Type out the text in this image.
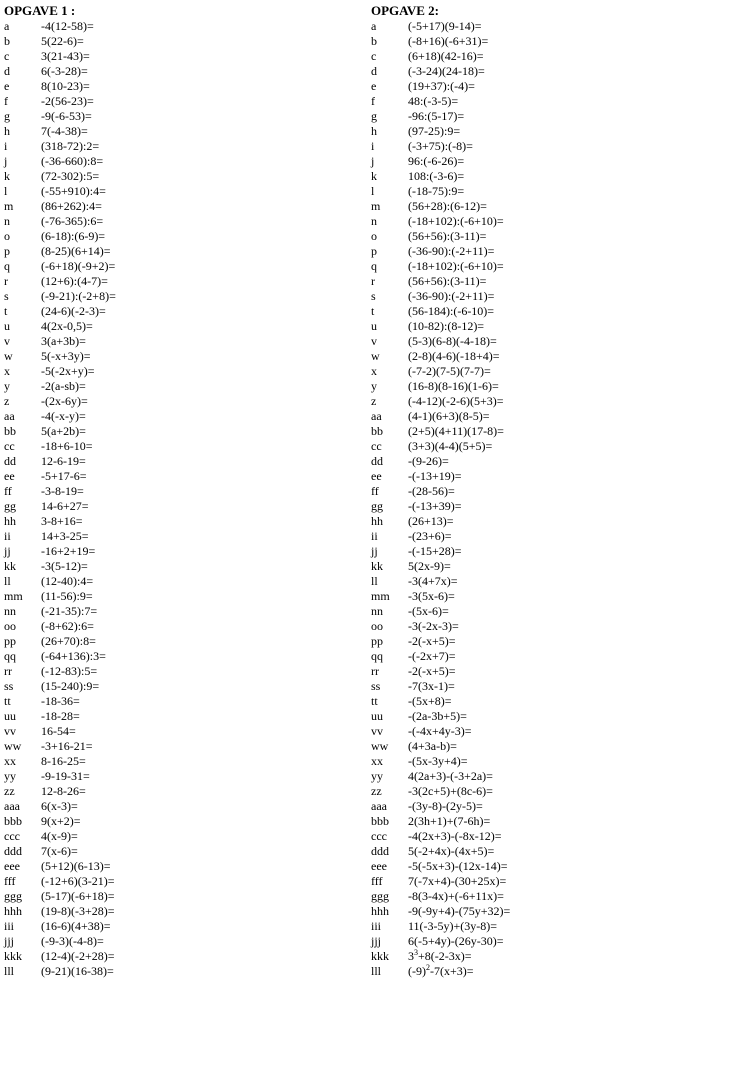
OPGAVE 1 :
a	-4(12-58)=
b	5(22-6)=
c	3(21-43)=
d	6(-3-28)=
e	8(10-23)=
f	-2(56-23)=
g	-9(-6-53)=
h	7(-4-38)=
i	(318-72):2=
j	(-36-660):8=
k	(72-302):5=
l	(-55+910):4=
m	(86+262):4=
n	(-76-365):6=
o	(6-18):(6-9)=
p	(8-25)(6+14)=
q	(-6+18)(-9+2)=
r	(12+6):(4-7)=
s	(-9-21):(-2+8)=
t	(24-6)(-2-3)=
u	4(2x-0,5)=
v	3(a+3b)=
w	5(-x+3y)=
x	-5(-2x+y)=
y	-2(a-sb)=
z	-(2x-6y)=
aa	-4(-x-y)=
bb	5(a+2b)=
cc	-18+6-10=
dd	12-6-19=
ee	-5+17-6=
ff	-3-8-19=
gg	14-6+27=
hh	3-8+16=
ii	14+3-25=
jj	-16+2+19=
kk	-3(5-12)=
ll	(12-40):4=
mm	(11-56):9=
nn	(-21-35):7=
oo	(-8+62):6=
pp	(26+70):8=
qq	(-64+136):3=
rr	(-12-83):5=
ss	(15-240):9=
tt	-18-36=
uu	-18-28=
vv	16-54=
ww	-3+16-21=
xx	8-16-25=
yy	-9-19-31=
zz	12-8-26=
aaa	6(x-3)=
bbb	9(x+2)=
ccc	4(x-9)=
ddd	7(x-6)=
eee	(5+12)(6-13)=
fff	(-12+6)(3-21)=
ggg	(5-17)(-6+18)=
hhh	(19-8)(-3+28)=
iii	(16-6)(4+38)=
jjj	(-9-3)(-4-8)=
kkk	(12-4)(-2+28)=
lll	(9-21)(16-38)=
OPGAVE 2:
a	(-5+17)(9-14)=
b	(-8+16)(-6+31)=
c	(6+18)(42-16)=
d	(-3-24)(24-18)=
e	(19+37):(-4)=
f	48:(-3-5)=
g	-96:(5-17)=
h	(97-25):9=
i	(-3+75):(-8)=
j	96:(-6-26)=
k	108:(-3-6)=
l	(-18-75):9=
m	(56+28):(6-12)=
n	(-18+102):(-6+10)=
o	(56+56):(3-11)=
p	(-36-90):(-2+11)=
q	(-18+102):(-6+10)=
r	(56+56):(3-11)=
s	(-36-90):(-2+11)=
t	(56-184):(-6-10)=
u	(10-82):(8-12)=
v	(5-3)(6-8)(-4-18)=
w	(2-8)(4-6)(-18+4)=
x	(-7-2)(7-5)(7-7)=
y	(16-8)(8-16)(1-6)=
z	(-4-12)(-2-6)(5+3)=
aa	(4-1)(6+3)(8-5)=
bb	(2+5)(4+11)(17-8)=
cc	(3+3)(4-4)(5+5)=
dd	-(9-26)=
ee	-(-13+19)=
ff	-(28-56)=
gg	-(-13+39)=
hh	(26+13)=
ii	-(23+6)=
jj	-(-15+28)=
kk	5(2x-9)=
ll	-3(4+7x)=
mm	-3(5x-6)=
nn	-(5x-6)=
oo	-3(-2x-3)=
pp	-2(-x+5)=
qq	-(-2x+7)=
rr	-2(-x+5)=
ss	-7(3x-1)=
tt	-(5x+8)=
uu	-(2a-3b+5)=
vv	-(-4x+4y-3)=
ww	(4+3a-b)=
xx	-(5x-3y+4)=
yy	4(2a+3)-(-3+2a)=
zz	-3(2c+5)+(8c-6)=
aaa	-(3y-8)-(2y-5)=
bbb	2(3h+1)+(7-6h)=
ccc	-4(2x+3)-(-8x-12)=
ddd	5(-2+4x)-(4x+5)=
eee	-5(-5x+3)-(12x-14)=
fff	7(-7x+4)-(30+25x)=
ggg	-8(3-4x)+(-6+11x)=
hhh	-9(-9y+4)-(75y+32)=
iii	11(-3-5y)+(3y-8)=
jjj	6(-5+4y)-(26y-30)=
kkk	$3^3+8(-2-3x)=$
lll	$(-9)^2-7(x+3)=$
